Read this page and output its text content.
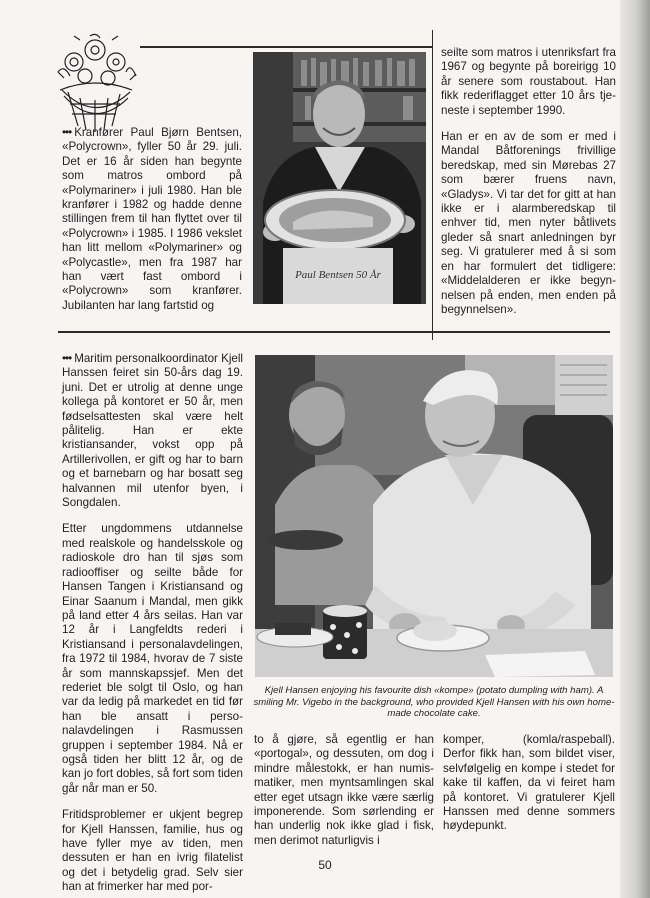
••• Kranfører Paul Bjørn Bentsen, «Polycrown», fyller 50 år 29. juli. Det er 16 år siden han begynte som matros ombord på «Polymariner» i juli 1980. Han ble kranfører i 1982 og hadde denne stillingen frem til han flyttet over til «Polycrown» i 1985. I 1986 vekslet han litt mellom «Polymariner» og «Polycastle», men fra 1987 har han vært fast ombord i «Polycrown» som kranfører. Jubilanten har lang fartstid og
Paul Bentsen 50 År

seilte som matros i utenriksfart fra 1967 og begynte på boreirigg 10 år senere som roustabout. Han fikk rederiflagget etter 10 års tjeneste i september 1990.

Han er en av de som er med i Mandal Båtforenings frivillige beredskap, med sin Mørebas 27 som bærer fruens navn, «Gladys». Vi tar det for gitt at han ikke er i alarmberedskap til enhver tid, men nyter båtlivets gleder så snart anledningen byr seg. Vi gratulerer med å si som en har formulert det tidligere: «Middelalderen er ikke begynnelsen på enden, men enden på begynnelsen».

••• Maritim personalkoordinator Kjell Hanssen feiret sin 50-års dag 19. juni. Det er utrolig at denne unge kollega på kontoret er 50 år, men fødselsattesten skal være helt pålitelig. Han er ekte kristiansander, vokst opp på Artillerivollen, er gift og har to barn og et barnebarn og har bosatt seg halvannen mil utenfor byen, i Songdalen.

Etter ungdommens utdannelse med realskole og handelsskole og radioskole dro han til sjøs som radiooffiser og seilte både for Hansen Tangen i Kristiansand og Einar Saanum i Mandal, men gikk på land etter 4 års seilas. Han var 12 år i Langfeldts rederi i Kristiansand i personalavdelingen, fra 1972 til 1984, hvorav de 7 siste år som mannskapssjef. Men det rederiet ble solgt til Oslo, og han var da ledig på markedet en tid før han ble ansatt i personalavdelingen i Rasmussen gruppen i september 1984. Nå er også tiden her blitt 12 år, og de kan jo fort dobles, så fort som tiden går når man er 50.

Fritidsproblemer er ukjent begrep for Kjell Hanssen, familie, hus og have fyller mye av tiden, men dessuten er han en ivrig filatelist og det i betydelig grad. Selv sier han at frimerker har med por-

Kjell Hansen enjoying his favourite dish «kompe» (potato dumpling with ham). A smiling Mr. Vigebo in the background, who provided Kjell Hansen with his own home-made chocolate cake.

to å gjøre, så egentlig er han «portogal», og dessuten, om dog i mindre målestokk, er han numismatiker, men myntsamlingen skal etter eget utsagn ikke være særlig imponerende. Som sørlending er han underlig nok ikke glad i fisk, men derimot naturligvis i

komper, (komla/raspeball). Derfor fikk han, som bildet viser, selvfølgelig en kompe i stedet for kake til kaffen, da vi feiret ham på kontoret. Vi gratulerer Kjell Hanssen med denne sommers høydepunkt.

50
